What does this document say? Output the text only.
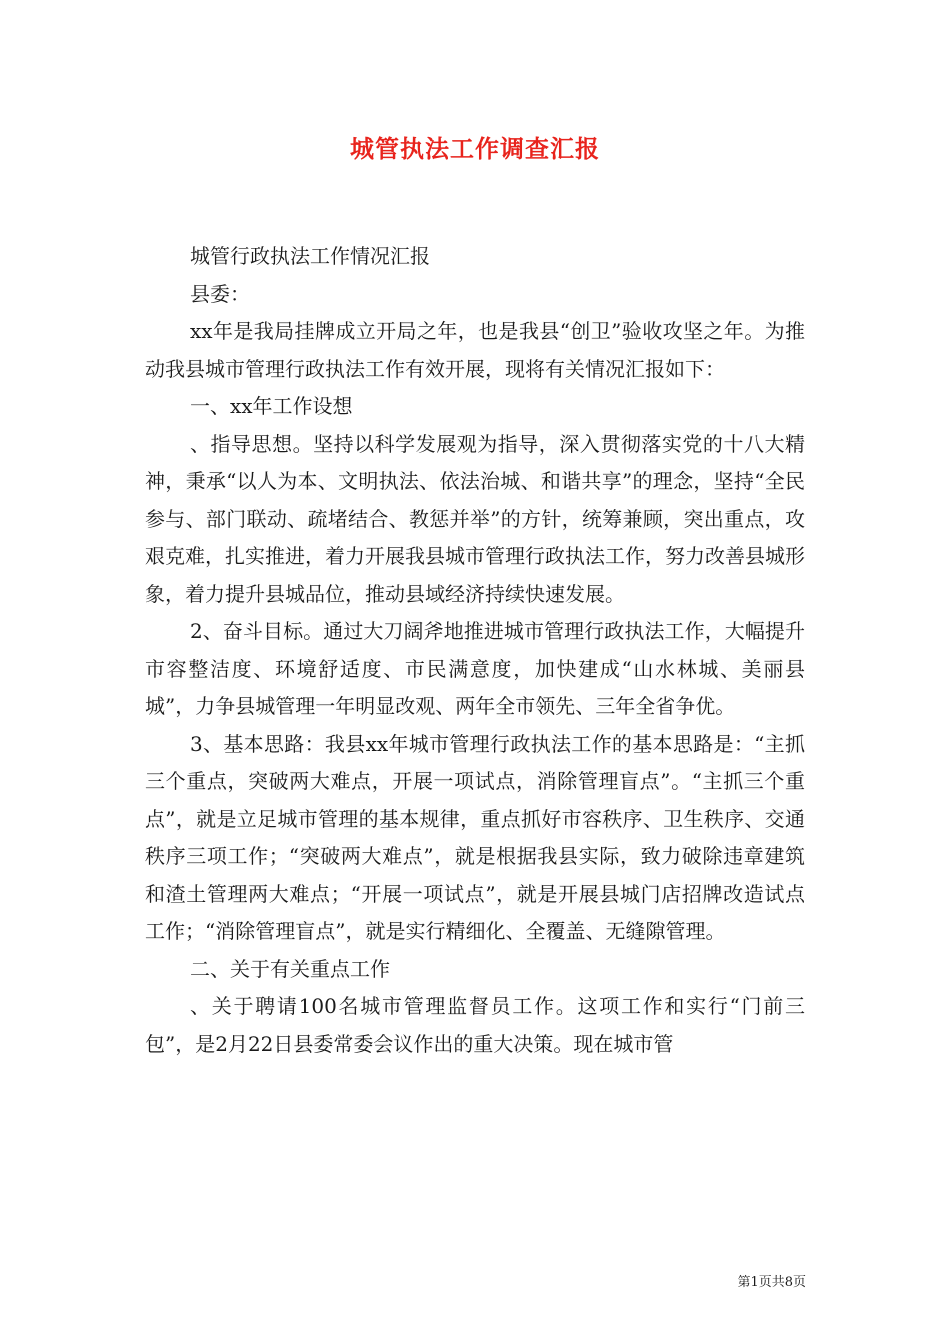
城管执法工作调查汇报

城管行政执法工作情况汇报

县委：

xx年是我局挂牌成立开局之年，也是我县“创卫”验收攻坚之年。为推动我县城市管理行政执法工作有效开展，现将有关情况汇报如下：

一、xx年工作设想

、指导思想。坚持以科学发展观为指导，深入贯彻落实党的十八大精神，秉承“以人为本、文明执法、依法治城、和谐共享”的理念，坚持“全民参与、部门联动、疏堵结合、教惩并举”的方针，统筹兼顾，突出重点，攻艰克难，扎实推进，着力开展我县城市管理行政执法工作，努力改善县城形象，着力提升县城品位，推动县域经济持续快速发展。

2、奋斗目标。通过大刀阔斧地推进城市管理行政执法工作，大幅提升市容整洁度、环境舒适度、市民满意度，加快建成“山水林城、美丽县城”，力争县城管理一年明显改观、两年全市领先、三年全省争优。

3、基本思路：我县xx年城市管理行政执法工作的基本思路是：“主抓三个重点，突破两大难点，开展一项试点，消除管理盲点”。“主抓三个重点”，就是立足城市管理的基本规律，重点抓好市容秩序、卫生秩序、交通秩序三项工作；“突破两大难点”，就是根据我县实际，致力破除违章建筑和渣土管理两大难点；“开展一项试点”，就是开展县城门店招牌改造试点工作；“消除管理盲点”，就是实行精细化、全覆盖、无缝隙管理。

二、关于有关重点工作

、关于聘请100名城市管理监督员工作。这项工作和实行“门前三包”，是2月22日县委常委会议作出的重大决策。现在城市管

第1页共8页
